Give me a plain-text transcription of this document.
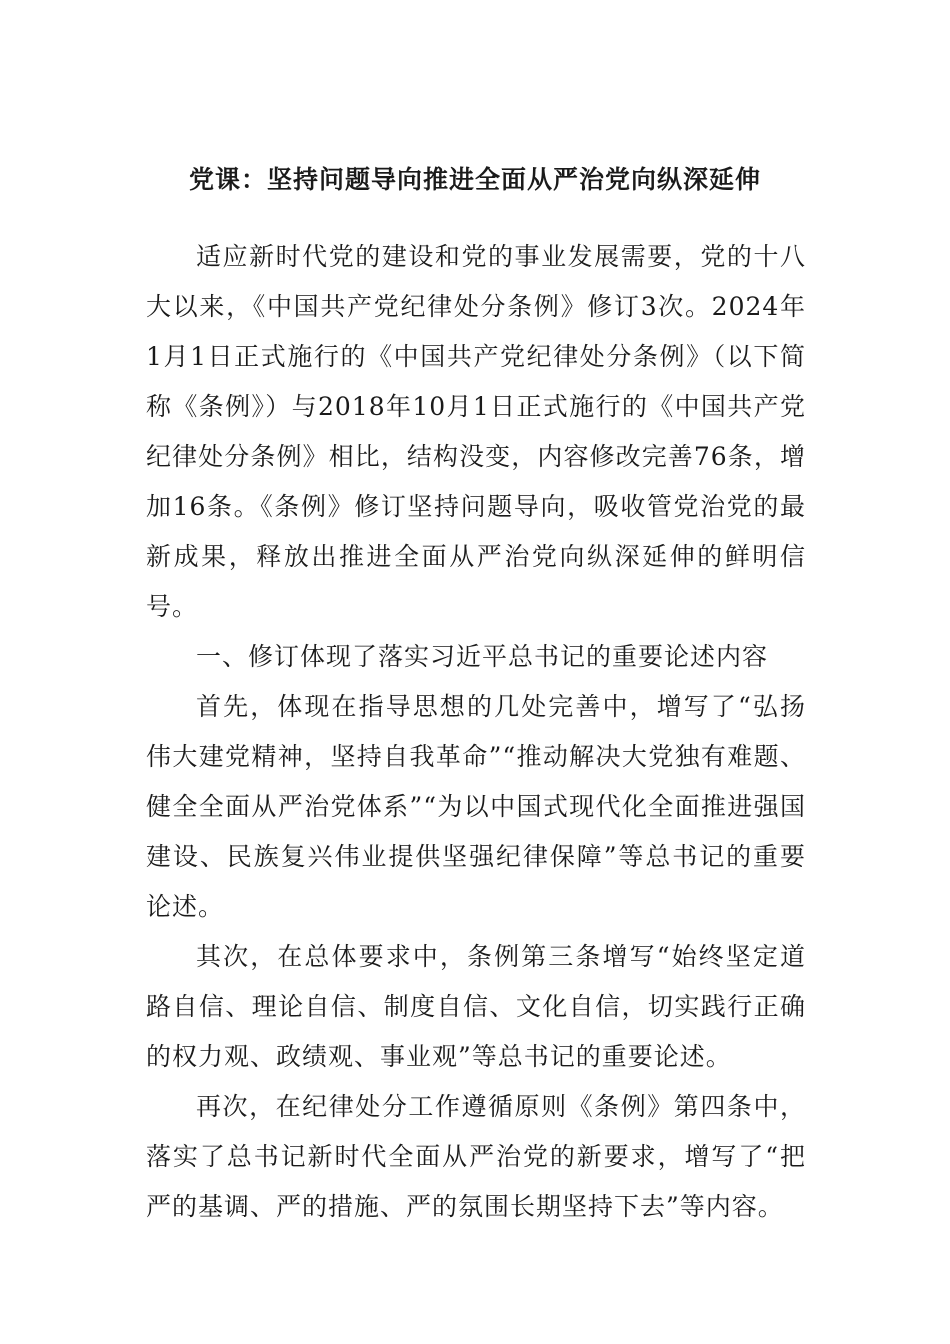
党课：坚持问题导向推进全面从严治党向纵深延伸

适应新时代党的建设和党的事业发展需要，党的十八大以来，《中国共产党纪律处分条例》修订3次。2024年1月1日正式施行的《中国共产党纪律处分条例》（以下简称《条例》）与2018年10月1日正式施行的《中国共产党纪律处分条例》相比，结构没变，内容修改完善76条，增加16条。《条例》修订坚持问题导向，吸收管党治党的最新成果，释放出推进全面从严治党向纵深延伸的鲜明信号。

一、修订体现了落实习近平总书记的重要论述内容

首先，体现在指导思想的几处完善中，增写了“弘扬伟大建党精神，坚持自我革命”“推动解决大党独有难题、健全全面从严治党体系”“为以中国式现代化全面推进强国建设、民族复兴伟业提供坚强纪律保障”等总书记的重要论述。

其次，在总体要求中，条例第三条增写“始终坚定道路自信、理论自信、制度自信、文化自信，切实践行正确的权力观、政绩观、事业观”等总书记的重要论述。

再次，在纪律处分工作遵循原则《条例》第四条中，落实了总书记新时代全面从严治党的新要求，增写了“把严的基调、严的措施、严的氛围长期坚持下去”等内容。
